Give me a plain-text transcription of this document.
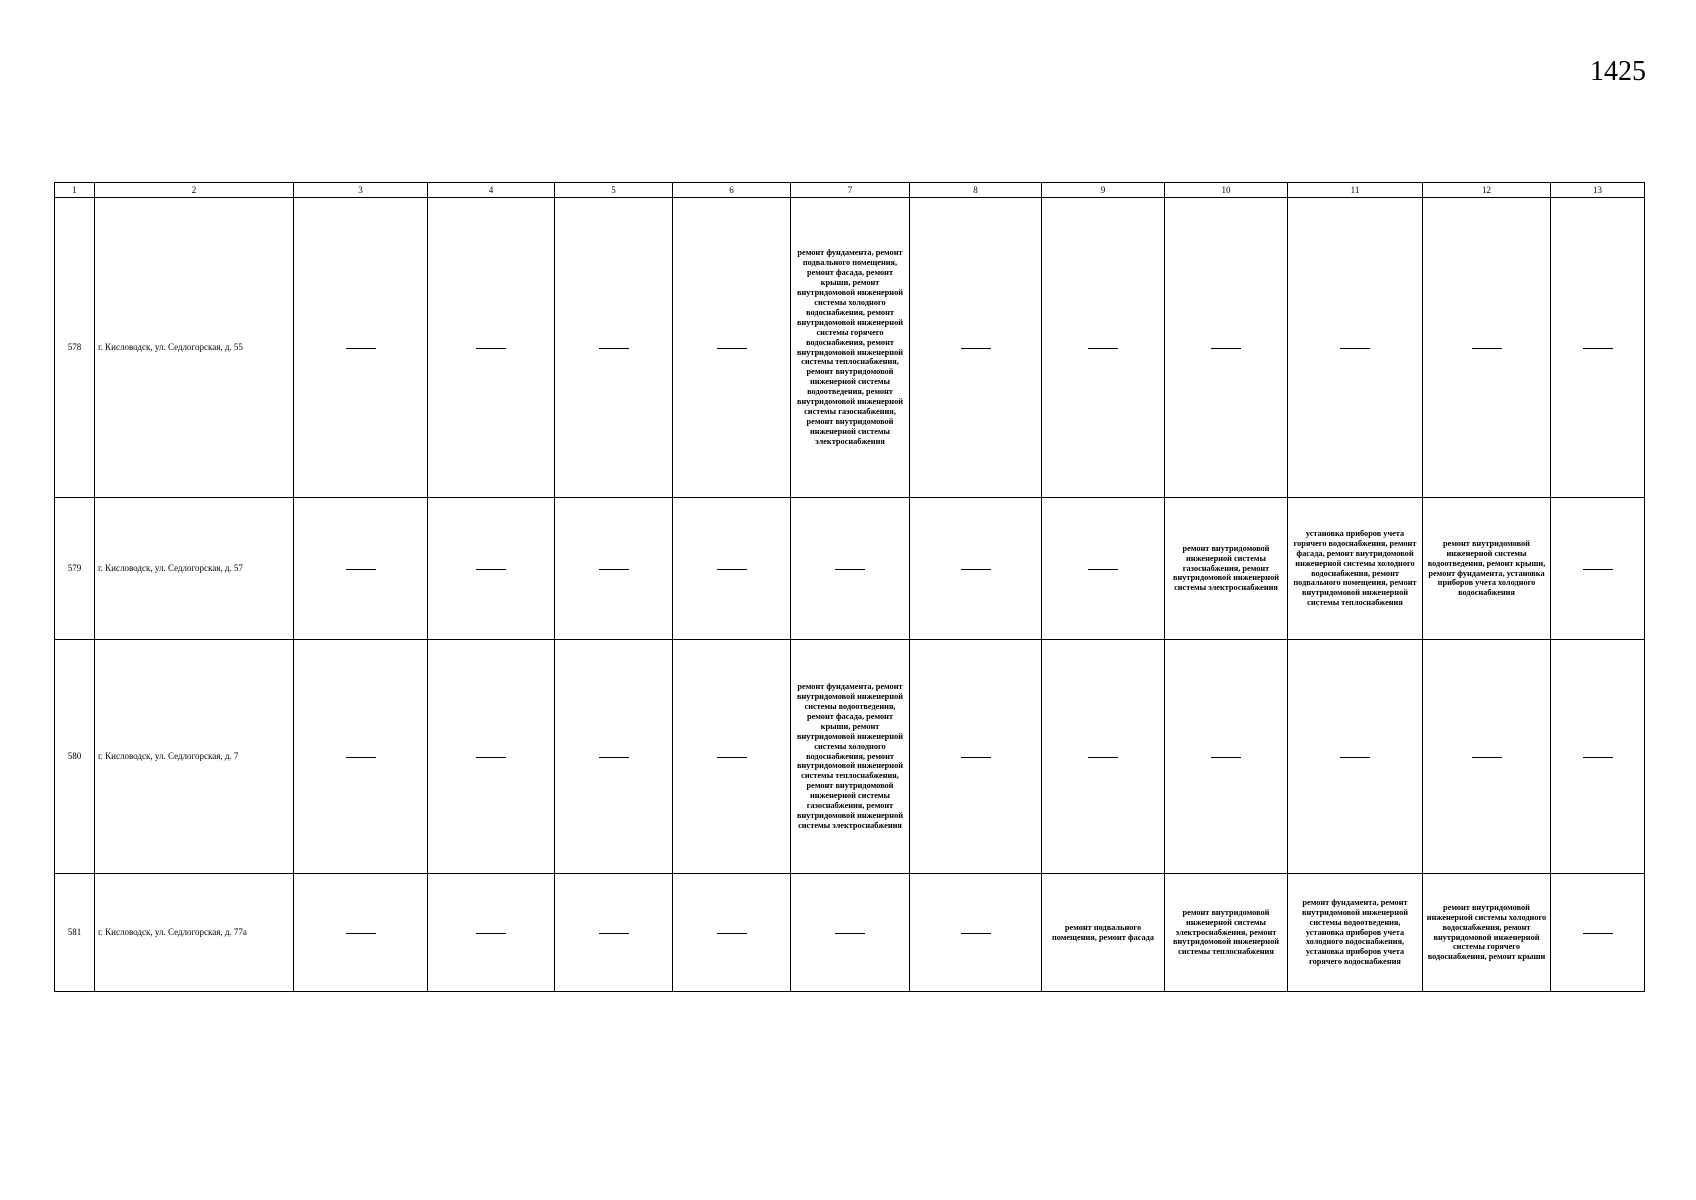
1425
1	2	3	4	5	6	7	8	9	10	11	12	13
578	г. Кисловодск, ул. Седлогорская, д. 55					ремонт фундамента, ремонт подвального помещения, ремонт фасада, ремонт крыши, ремонт внутридомовой инженерной системы холодного водоснабжения, ремонт внутридомовой инженерной системы горячего водоснабжения, ремонт внутридомовой инженерной системы теплоснабжения, ремонт внутридомовой инженерной системы водоотведения, ремонт внутридомовой инженерной системы газоснабжения, ремонт внутридомовой инженерной системы электроснабжения						
579	г. Кисловодск, ул. Седлогорская, д. 57								ремонт внутридомовой инженерной системы газоснабжения, ремонт внутридомовой инженерной системы электроснабжения	установка приборов учета горячего водоснабжения, ремонт фасада, ремонт внутридомовой инженерной системы холодного водоснабжения, ремонт подвального помещения, ремонт внутридомовой инженерной системы теплоснабжения	ремонт внутридомовой инженерной системы водоотведения, ремонт крыши, ремонт фундамента, установка приборов учета холодного водоснабжения	
580	г. Кисловодск, ул. Седлогорская, д. 7					ремонт фундамента, ремонт внутридомовой инженерной системы водоотведения, ремонт фасада, ремонт крыши, ремонт внутридомовой инженерной системы холодного водоснабжения, ремонт внутридомовой инженерной системы теплоснабжения, ремонт внутридомовой инженерной системы газоснабжения, ремонт внутридомовой инженерной системы электроснабжения						
581	г. Кисловодск, ул. Седлогорская, д. 77а							ремонт подвального помещения, ремонт фасада	ремонт внутридомовой инженерной системы электроснабжения, ремонт внутридомовой инженерной системы теплоснабжения	ремонт фундамента, ремонт внутридомовой инженерной системы водоотведения, установка приборов учета холодного водоснабжения, установка приборов учета горячего водоснабжения	ремонт внутридомовой инженерной системы холодного водоснабжения, ремонт внутридомовой инженерной системы горячего водоснабжения, ремонт крыши	
